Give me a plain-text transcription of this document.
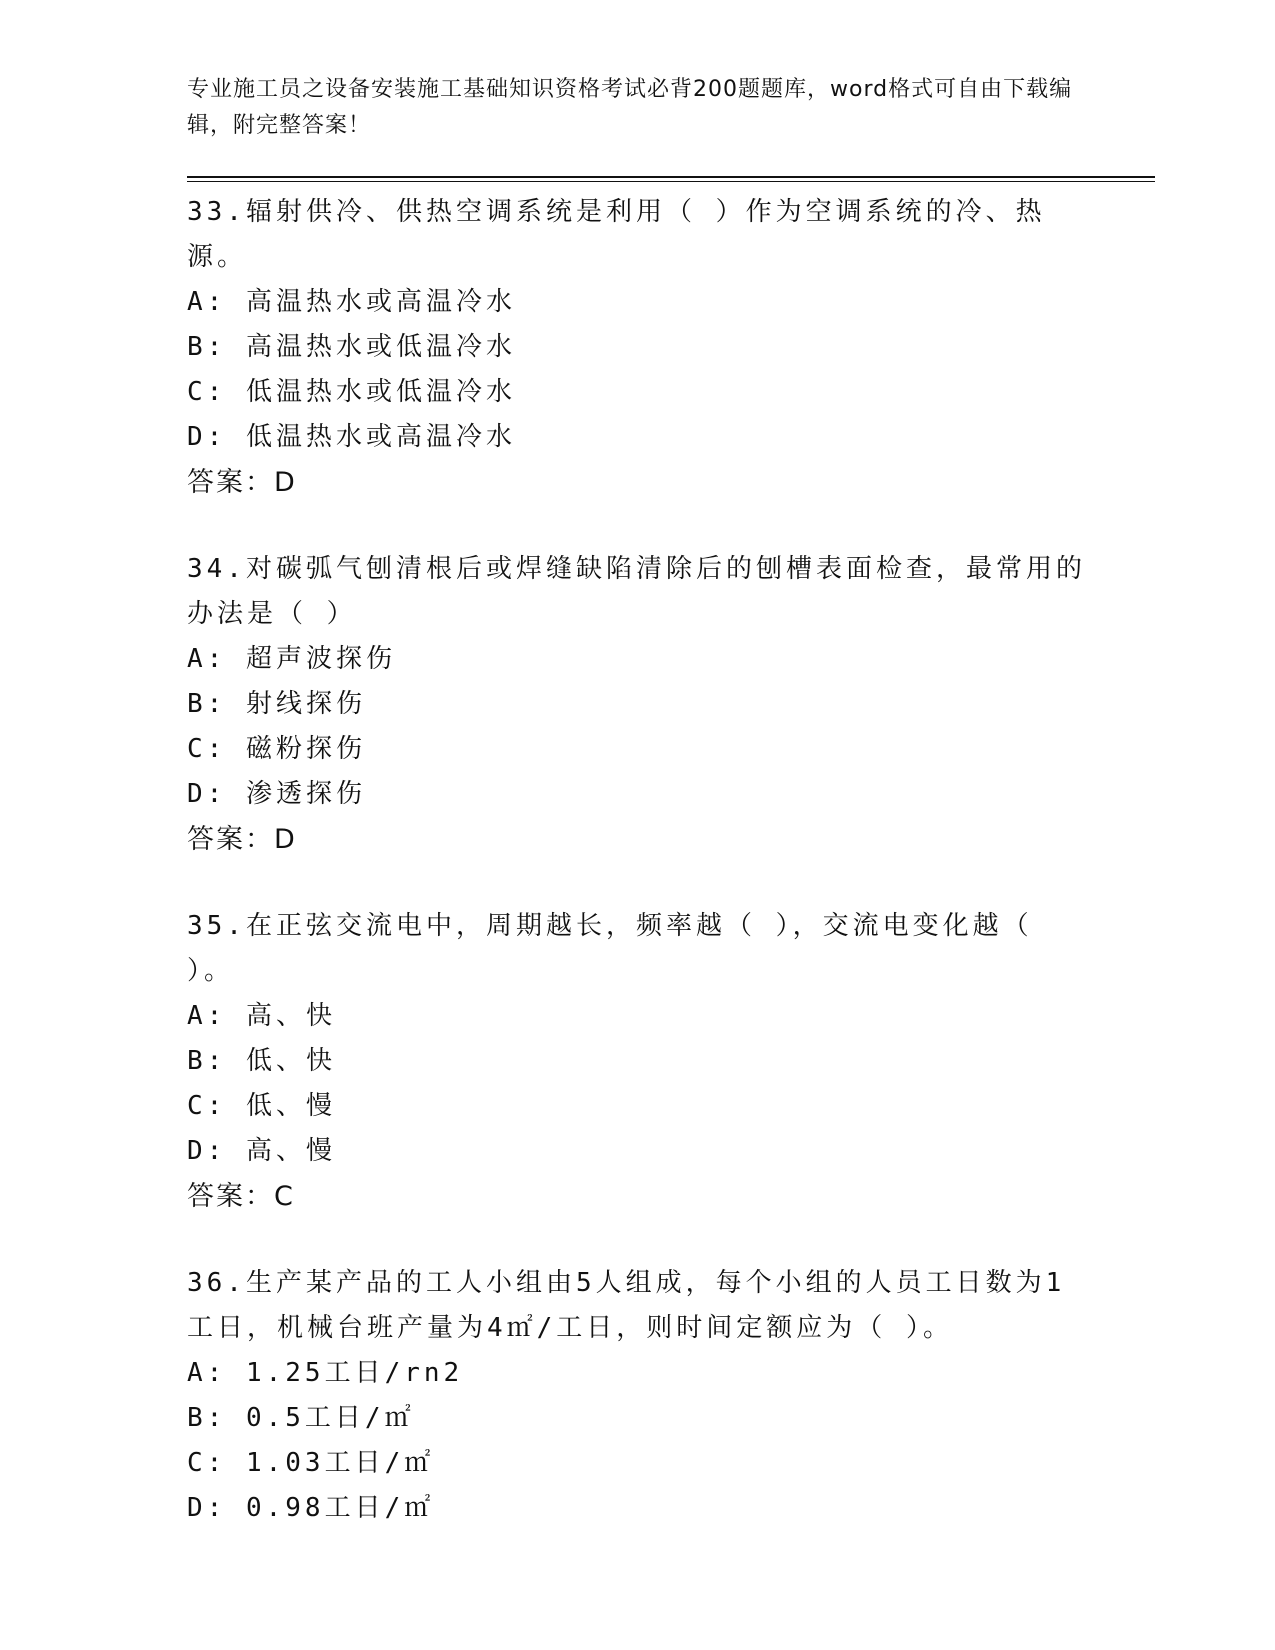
专业施工员之设备安装施工基础知识资格考试必背200题题库，word格式可自由下载编辑，附完整答案！

33.辐射供冷、供热空调系统是利用（ ）作为空调系统的冷、热源。

A: 高温热水或高温冷水

B: 高温热水或低温冷水

C: 低温热水或低温冷水

D: 低温热水或高温冷水

答案：D

34.对碳弧气刨清根后或焊缝缺陷清除后的刨槽表面检查，最常用的办法是（ ）

A: 超声波探伤

B: 射线探伤

C: 磁粉探伤

D: 渗透探伤

答案：D

35.在正弦交流电中，周期越长，频率越（ ），交流电变化越（ ）。

A: 高、快

B: 低、快

C: 低、慢

D: 高、慢

答案：C

36.生产某产品的工人小组由5人组成，每个小组的人员工日数为1工日，机械台班产量为4㎡/工日，则时间定额应为（ ）。

A: 1.25工日/rn2

B: 0.5工日/㎡

C: 1.03工日/㎡

D: 0.98工日/㎡
